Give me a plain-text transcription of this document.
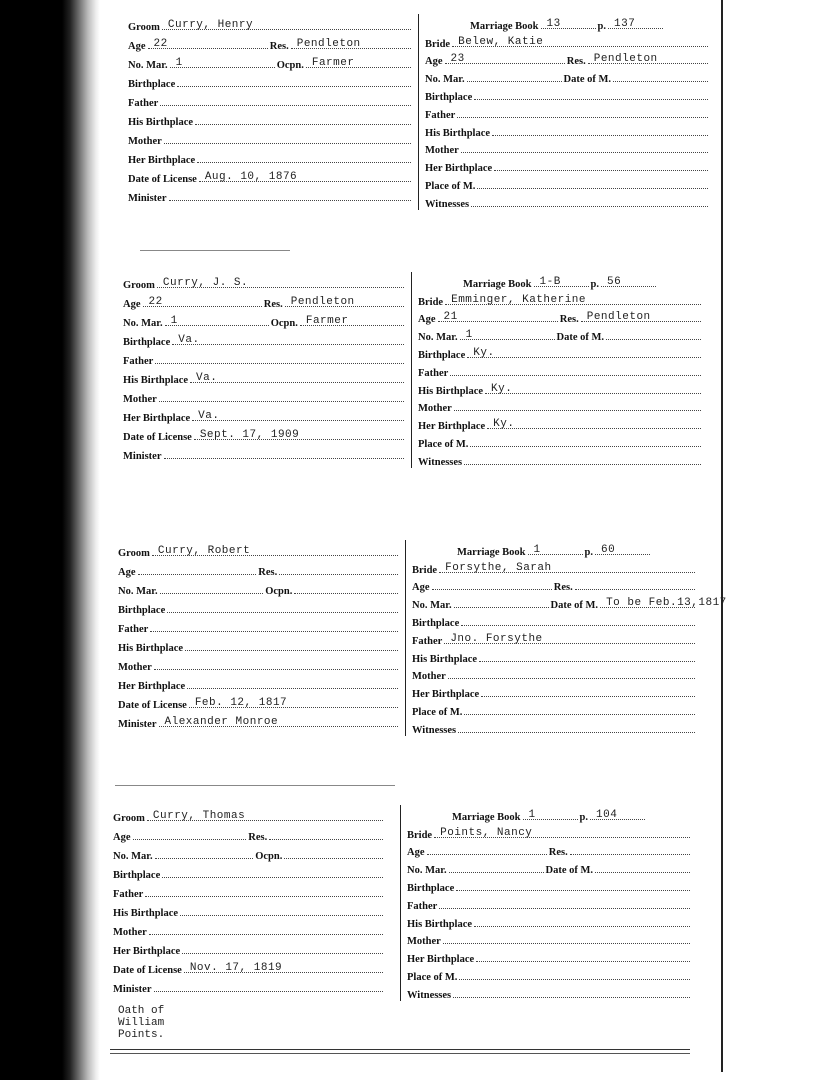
Groom Curry, Henry
Age 22	Res. Pendleton
No. Mar. 1	Ocpn. Farmer
Birthplace
Father
His Birthplace
Mother
Her Birthplace
Date of License Aug. 10, 1876
Minister
Marriage Book 13	p. 137
Bride Belew, Katie
Age 23	Res. Pendleton
No. Mar.	Date of M.
Birthplace
Father
His Birthplace
Mother
Her Birthplace
Place of M.
Witnesses
Groom Curry, J. S.
Age 22	Res. Pendleton
No. Mar. 1	Ocpn. Farmer
Birthplace Va.
Father
His Birthplace Va.
Mother
Her Birthplace Va.
Date of License Sept. 17, 1909
Minister
Marriage Book 1-B	p. 56
Bride Emminger, Katherine
Age 21	Res. Pendleton
No. Mar. 1	Date of M.
Birthplace Ky.
Father
His Birthplace Ky.
Mother
Her Birthplace Ky.
Place of M.
Witnesses
Groom Curry, Robert
Age	Res.
No. Mar.	Ocpn.
Birthplace
Father
His Birthplace
Mother
Her Birthplace
Date of License Feb. 12, 1817
Minister Alexander Monroe
Marriage Book 1	p. 60
Bride Forsythe, Sarah
Age	Res.
No. Mar.	Date of M. To be Feb.13,1817
Birthplace
Father Jno. Forsythe
His Birthplace
Mother
Her Birthplace
Place of M.
Witnesses
Groom Curry, Thomas
Age	Res.
No. Mar.	Ocpn.
Birthplace
Father
His Birthplace
Mother
Her Birthplace
Date of License Nov. 17, 1819
Minister
Marriage Book 1	p. 104
Bride Points, Nancy
Age	Res.
No. Mar.	Date of M.
Birthplace
Father
His Birthplace
Mother
Her Birthplace
Place of M.
Witnesses
Oath of William Points.
